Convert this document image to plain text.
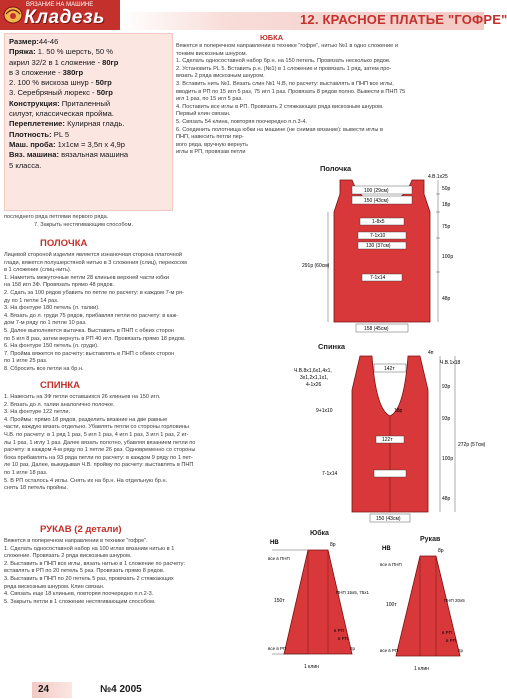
ВЯЗАНИЕ НА МАШИНЕ
Кладезь	12. КРАСНОЕ ПЛАТЬЕ "ГОФРЕ"
Размер:44-46
Пряжа: 1. 50 % шерсть, 50 %
акрил 32/2 в 1 сложение - 80гр
в 3 сложение - 380гр
2. 100 % вискоза шнур - 50гр
3. Серебряный люрекс - 50гр
Конструкция: Приталенный
силуэт, классическая пройма.
Переплетение: Кулирная гладь.
Плотность: PL 5
Маш. проба: 1х1см = 3,5п х 4,9р
Вяз. машина: вязальная машина
5 класса.
ЮБКА
Вяжется в поперечном направлении в технике "гофре", нитью №1 в одно сложение и
тонким вискозным шнуром.
1. Сделать односоставной набор бр.н. на 150 петель. Провязать несколько рядов.
2. Установить PL 5. Вставить р.н. (№1) в 1 сложение и провязать 1 ряд, затем про-
вязать 2 ряда вискозным шнуром.
3. Вставить нить №1. Вязать слин №1 Ч.В, по расчету: выставлять в ПНП все иглы,
вводить в РП по 15 игл 5 раз, 75 игл 1 раз. Провязать 8 рядов полно. Вывести в ПНП 75
игл 1 раз, по 15 игл 5 раз.
4. Поставить все иглы в РП. Провязать 2 стяжкающих ряда вискозным шнуром.
Первый клин связан.
5. Связать 54 клина, повторяя поочередно п.п.3-4.
6. Соединить полотнища юбки на машине (не снимая вязание): вывести иглы в
ПНП, навесить петли пер-
вого ряда, вручную вернуть
иглы в РП, провязав петли
последнего ряда петлями первого ряда.
7. Закрыть нестягивающим способом.
ПОЛОЧКА
Лицевой стороной изделия является изнаночная сторона платочной
глади, вяжется полушерстяной нитью в 3 сложения (слиц), перекосом
в 1 сложение (слиц-нить).
1. Наметить межуточные петли 28 клиньев верхней части юбки
на 158 игл 3Ф. Провязать прямо 48 рядов.
2. Сдать за 100 рядов убавить по петле по расчету: в каждом 7-м ря-
ду по 1 петле 14 раз.
3. На фонтуре 180 петель (л. талии).
4. Вязать до л. груди 75 рядов, прибавляя петли по расчету: в каж-
дом 7-м ряду по 1 петле 10 раз.
5. Далее выполняется вытачка. Выставить в ПНП с обеих сторон
по 5 игл 8 раз, затем вернуть в РП 40 игл. Провязать прямо 18 рядов.
6. На фонтуре 150 петель (л. груди).
7. Пройма вяжется по расчету: выставлять в ПНП с обеих сторон
по 1 игле 25 раз.
8. Сбросить все петли на бр.н.
СПИНКА
1. Навесить на 3Ф петли оставшихся 26 клиньев на 150 игл.
2. Вязать до л. талии аналогично полочке.
3. На фонтуре 122 петли.
4. Проймы: прямо 18 рядов, разделить вязание на две равные
части, каждую вязать отдельно. Убавлять петли со стороны горловины
Ч.В. по расчету: в 1 ряд 1 раз, 5 игл 1 раз, 4 игл 1 раз, 3 игл 1 раз, 2 иг-
лы 1 раз, 1 иглу 1 раз. Далее вязать полотно, убавляя вязанием петли по
расчету: в каждом 4-м ряду по 1 петле 26 раз. Одновременно со стороны
бока прибавлять на 93 ряда петли по расчету: в каждом 9 ряду по 1 пет-
ле 10 раз. Далее, выкидывая Ч.В. пройму по расчету: выставлять в ПНП
по 1 игле 18 раз.
5. В РП осталось 4 иглы. Снять их на бр.н. На отдельную бр.н.
снять 18 петель пройны.
РУКАВ (2 детали)
Вяжется в поперечном направлении в технике "гофре".
1. Сделать односоставной набор на 100 иглах вязаним нитью в 1
сложение. Провязать 2 ряда вискозным шнуром.
2. Выставить в ПНП все иглы, вязать нитью в 1 сложение по расчету:
вставлять в РП по 20 петель 5 раз. Провязать прямо 8 рядов.
3. Выставить в ПНП по 20 петель 5 раз, провязать 2 стяжкающих
ряда вискозным шнуром. Клин связан.
4. Связать еще 18 клиньев, повторяя поочередно п.п.2-3.
5. Закрыть петли в 1 сложение нестягивающим способом.
Полочка
100 (29см)
150 (43см)
1-8х5
7-1х10
130 (37см)
7-1х14
158 (45см)
291р (60см)
4.В.1х25
50р
18р
75р
100р
48р
Спинка
142т
Ч.В.8х1,6х1,4х1,
3х1,2х1,1х1,
4-1х26
9+1х10
122т
7-1х14
150 (43см)
4п
Ч.В.1х18
93р
93р
100р
48р
272р (57см)
18р
Юбка
НВ
все в ПНП
150т
все в РП
1 клин
8р
ПНП 15х5, 75х1
в РП
в РП
2р
Рукав
НВ
все в ПНП
100т
все в РП
1 клин
8р
ПНП 20х5
в РП
в РП
2р
24	№4 2005
